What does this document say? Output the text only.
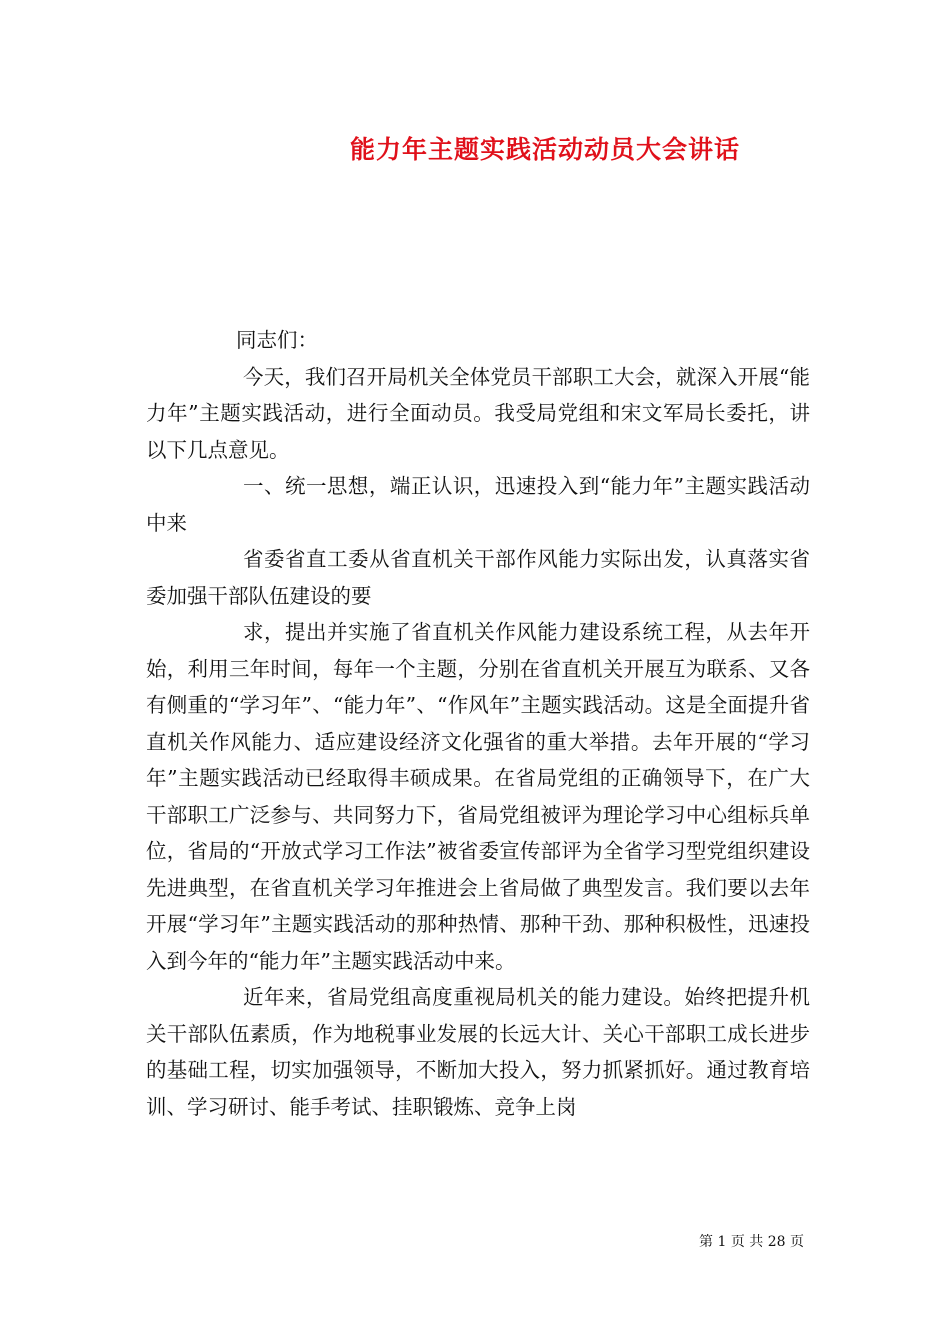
能力年主题实践活动动员大会讲话

同志们：

今天，我们召开局机关全体党员干部职工大会，就深入开展“能力年”主题实践活动，进行全面动员。我受局党组和宋文军局长委托，讲以下几点意见。

一、统一思想，端正认识，迅速投入到“能力年”主题实践活动中来

省委省直工委从省直机关干部作风能力实际出发，认真落实省委加强干部队伍建设的要

求，提出并实施了省直机关作风能力建设系统工程，从去年开始，利用三年时间，每年一个主题，分别在省直机关开展互为联系、又各有侧重的“学习年”、“能力年”、“作风年”主题实践活动。这是全面提升省直机关作风能力、适应建设经济文化强省的重大举措。去年开展的“学习年”主题实践活动已经取得丰硕成果。在省局党组的正确领导下，在广大干部职工广泛参与、共同努力下，省局党组被评为理论学习中心组标兵单位，省局的“开放式学习工作法”被省委宣传部评为全省学习型党组织建设先进典型，在省直机关学习年推进会上省局做了典型发言。我们要以去年开展“学习年”主题实践活动的那种热情、那种干劲、那种积极性，迅速投入到今年的“能力年”主题实践活动中来。

近年来，省局党组高度重视局机关的能力建设。始终把提升机关干部队伍素质，作为地税事业发展的长远大计、关心干部职工成长进步的基础工程，切实加强领导，不断加大投入，努力抓紧抓好。通过教育培训、学习研讨、能手考试、挂职锻炼、竞争上岗

第 1 页 共 28 页
